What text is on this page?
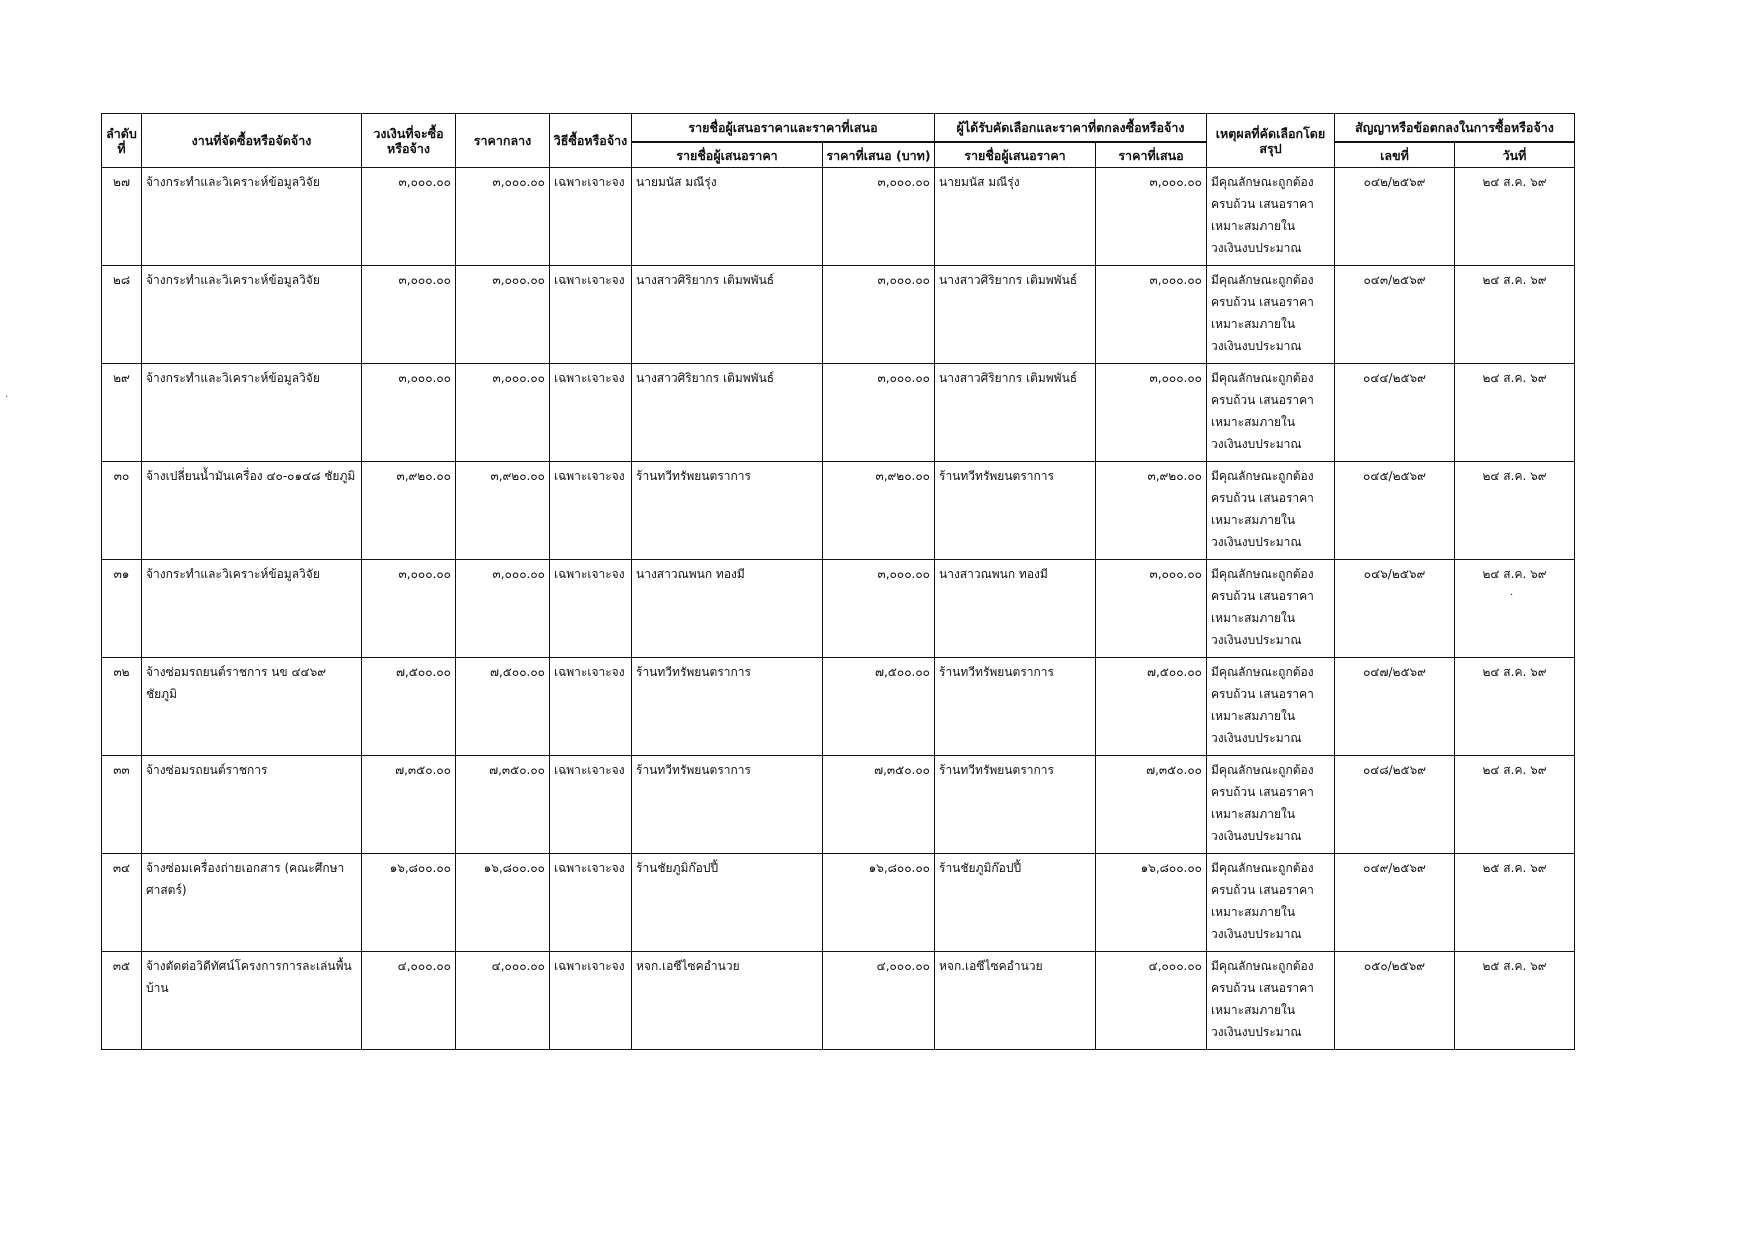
·
ลำดับที่	งานที่จัดซื้อหรือจัดจ้าง	วงเงินที่จะซื้อหรือจ้าง	ราคากลาง	วิธีซื้อหรือจ้าง	รายชื่อผู้เสนอราคาและราคาที่เสนอ		ผู้ได้รับคัดเลือกและราคาที่ตกลงซื้อหรือจ้าง		เหตุผลที่คัดเลือกโดยสรุป	สัญญาหรือข้อตกลงในการซื้อหรือจ้าง	
					รายชื่อผู้เสนอราคา	ราคาที่เสนอ (บาท)	รายชื่อผู้เสนอราคา	ราคาที่เสนอ		เลขที่	วันที่
๒๗	จ้างกระทำและวิเคราะห์ข้อมูลวิจัย	๓,๐๐๐.๐๐	๓,๐๐๐.๐๐	เฉพาะเจาะจง	นายมนัส มณีรุ่ง	๓,๐๐๐.๐๐	นายมนัส มณีรุ่ง	๓,๐๐๐.๐๐	มีคุณลักษณะถูกต้อง
ครบถ้วน เสนอราคา
เหมาะสมภายใน
วงเงินงบประมาณ	๐๔๒/๒๕๖๙	๒๔ ส.ค. ๖๙
๒๘	จ้างกระทำและวิเคราะห์ข้อมูลวิจัย	๓,๐๐๐.๐๐	๓,๐๐๐.๐๐	เฉพาะเจาะจง	นางสาวศิริยากร เติมพพันธ์	๓,๐๐๐.๐๐	นางสาวศิริยากร เติมพพันธ์	๓,๐๐๐.๐๐	มีคุณลักษณะถูกต้อง
ครบถ้วน เสนอราคา
เหมาะสมภายใน
วงเงินงบประมาณ	๐๔๓/๒๕๖๙	๒๔ ส.ค. ๖๙
๒๙	จ้างกระทำและวิเคราะห์ข้อมูลวิจัย	๓,๐๐๐.๐๐	๓,๐๐๐.๐๐	เฉพาะเจาะจง	นางสาวศิริยากร เติมพพันธ์	๓,๐๐๐.๐๐	นางสาวศิริยากร เติมพพันธ์	๓,๐๐๐.๐๐	มีคุณลักษณะถูกต้อง
ครบถ้วน เสนอราคา
เหมาะสมภายใน
วงเงินงบประมาณ	๐๔๔/๒๕๖๙	๒๔ ส.ค. ๖๙
๓๐	จ้างเปลี่ยนน้ำมันเครื่อง ๔๐-๐๑๔๘ ชัยภูมิ	๓,๙๒๐.๐๐	๓,๙๒๐.๐๐	เฉพาะเจาะจง	ร้านทวีทรัพยนตราการ	๓,๙๒๐.๐๐	ร้านทวีทรัพยนตราการ	๓,๙๒๐.๐๐	มีคุณลักษณะถูกต้อง
ครบถ้วน เสนอราคา
เหมาะสมภายใน
วงเงินงบประมาณ	๐๔๕/๒๕๖๙	๒๔ ส.ค. ๖๙
๓๑	จ้างกระทำและวิเคราะห์ข้อมูลวิจัย	๓,๐๐๐.๐๐	๓,๐๐๐.๐๐	เฉพาะเจาะจง	นางสาวณพนก ทองมี	๓,๐๐๐.๐๐	นางสาวณพนก ทองมี	๓,๐๐๐.๐๐	มีคุณลักษณะถูกต้อง
ครบถ้วน เสนอราคา
เหมาะสมภายใน
วงเงินงบประมาณ	๐๔๖/๒๕๖๙	๒๔ ส.ค. ๖๙
๓๒	จ้างซ่อมรถยนต์ราชการ นข ๔๔๖๙ ชัยภูมิ	๗,๕๐๐.๐๐	๗,๕๐๐.๐๐	เฉพาะเจาะจง	ร้านทวีทรัพยนตราการ	๗,๕๐๐.๐๐	ร้านทวีทรัพยนตราการ	๗,๕๐๐.๐๐	มีคุณลักษณะถูกต้อง
ครบถ้วน เสนอราคา
เหมาะสมภายใน
วงเงินงบประมาณ	๐๔๗/๒๕๖๙	๒๔ ส.ค. ๖๙
๓๓	จ้างซ่อมรถยนต์ราชการ	๗,๓๕๐.๐๐	๗,๓๕๐.๐๐	เฉพาะเจาะจง	ร้านทวีทรัพยนตราการ	๗,๓๕๐.๐๐	ร้านทวีทรัพยนตราการ	๗,๓๕๐.๐๐	มีคุณลักษณะถูกต้อง
ครบถ้วน เสนอราคา
เหมาะสมภายใน
วงเงินงบประมาณ	๐๔๘/๒๕๖๙	๒๔ ส.ค. ๖๙
๓๔	จ้างซ่อมเครื่องถ่ายเอกสาร (คณะศึกษาศาสตร์)	๑๖,๘๐๐.๐๐	๑๖,๘๐๐.๐๐	เฉพาะเจาะจง	ร้านชัยภูมิก๊อปปี้	๑๖,๘๐๐.๐๐	ร้านชัยภูมิก๊อปปี้	๑๖,๘๐๐.๐๐	มีคุณลักษณะถูกต้อง
ครบถ้วน เสนอราคา
เหมาะสมภายใน
วงเงินงบประมาณ	๐๔๙/๒๕๖๙	๒๕ ส.ค. ๖๙
๓๕	จ้างตัดต่อวิดีทัศน์โครงการการละเล่นพื้นบ้าน	๔,๐๐๐.๐๐	๔,๐๐๐.๐๐	เฉพาะเจาะจง	หจก.เอซีไซคอำนวย	๔,๐๐๐.๐๐	หจก.เอซีไซคอำนวย	๔,๐๐๐.๐๐	มีคุณลักษณะถูกต้อง
ครบถ้วน เสนอราคา
เหมาะสมภายใน
วงเงินงบประมาณ	๐๕๐/๒๕๖๙	๒๕ ส.ค. ๖๙
·
